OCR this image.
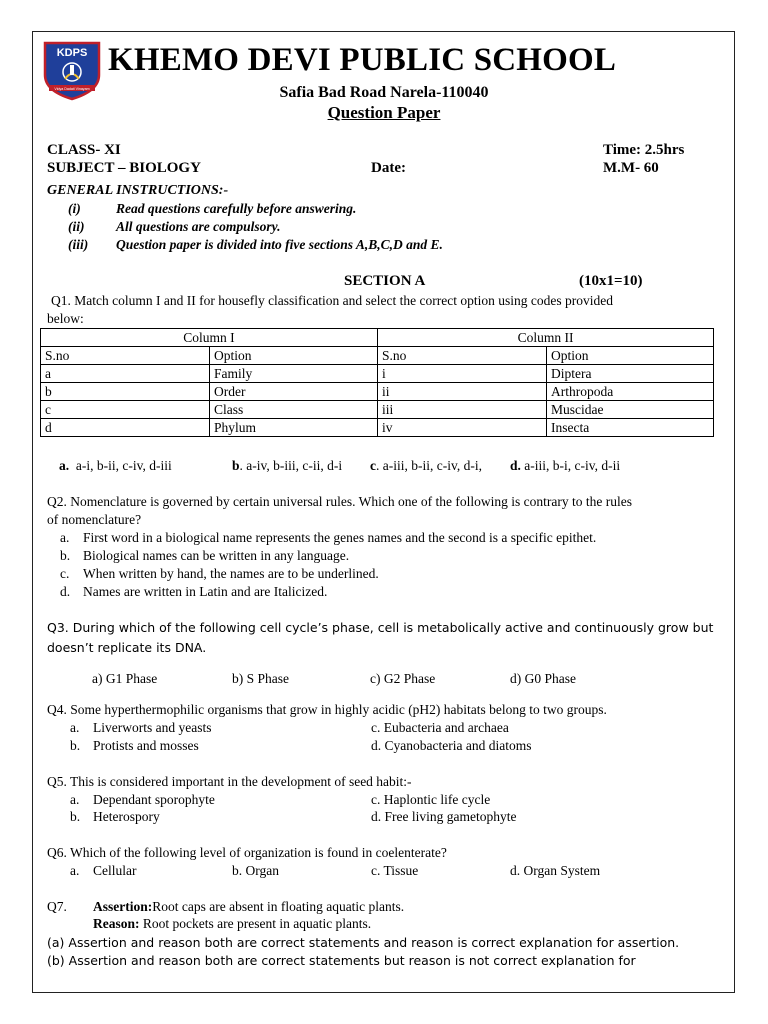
KDPS
Vidya Dadati Vinayam
KHEMO DEVI PUBLIC SCHOOL
Safia Bad Road Narela-110040
Question Paper
CLASS- XI	Time: 2.5hrs
SUBJECT – BIOLOGY	Date:	M.M- 60
GENERAL INSTRUCTIONS:-
(i)	Read questions carefully before answering.
(ii) All questions are compulsory.
(iii) Question paper is divided into five sections A,B,C,D and E.
SECTION A	(10x1=10)
Q1. Match column I and II for housefly classification and select the correct option using codes provided
below:
Column I		Column II	
S.no	Option	S.no	Option
a	Family	i	Diptera
b	Order	ii	Arthropoda
c	Class	iii	Muscidae
d	Phylum	iv	Insecta
a. a-i, b-ii, c-iv, d-iii	b. a-iv, b-iii, c-ii, d-i c. a-iii, b-ii, c-iv, d-i, d. a-iii, b-i, c-iv, d-ii
Q2. Nomenclature is governed by certain universal rules. Which one of the following is contrary to the rules
of nomenclature?
a. First word in a biological name represents the genes names and the second is a specific epithet.
b. Biological names can be written in any language.
c. When written by hand, the names are to be underlined.
d. Names are written in Latin and are Italicized.
Q3. During which of the following cell cycle’s phase, cell is metabolically active and continuously grow but
doesn’t replicate its DNA.
a) G1 Phase	b) S Phase	c) G2 Phase	d) G0 Phase
Q4. Some hyperthermophilic organisms that grow in highly acidic (pH2) habitats belong to two groups.
a. Liverworts and yeasts
b. Protists and mosses
c. Eubacteria and archaea
d. Cyanobacteria and diatoms
Q5. This is considered important in the development of seed habit:-
a. Dependant sporophyte
b. Heterospory
c. Haplontic life cycle
d. Free living gametophyte
Q6. Which of the following level of organization is found in coelenterate?
a. Cellular	b. Organ	c. Tissue	d. Organ System
Q7. Assertion:Root caps are absent in floating aquatic plants.
Reason: Root pockets are present in aquatic plants.
(a) Assertion and reason both are correct statements and reason is correct explanation for assertion.
(b) Assertion and reason both are correct statements but reason is not correct explanation for
